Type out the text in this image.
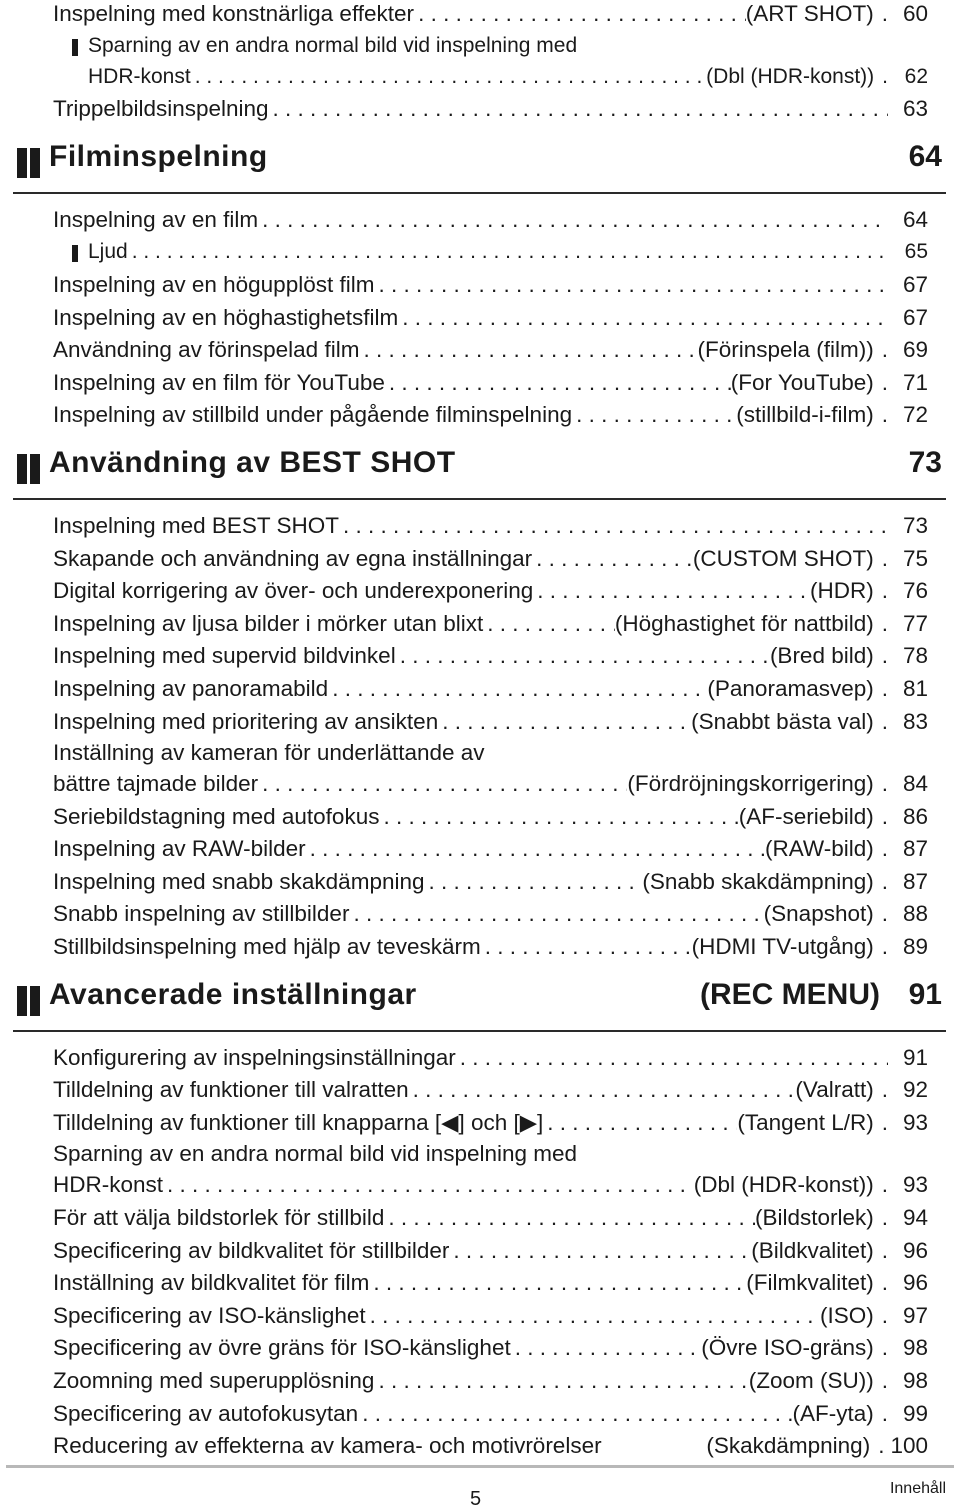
Inspelning med konstnärliga effekter . . .	(ART SHOT) . 60
Sparning av en andra normal bild vid inspelning med
HDR-konst . . .	(Dbl (HDR-konst)) . 62
Trippelbildsinspelning . . .	63
Filminspelning	64
Inspelning av en film . . .	64
Ljud . . .	65
Inspelning av en högupplöst film . . .	67
Inspelning av en höghastighetsfilm . . .	67
Användning av förinspelad film . . .	(Förinspela (film)) . 69
Inspelning av en film för YouTube . . .	(For YouTube) . 71
Inspelning av stillbild under pågående filminspelning . . .	(stillbild-i-film) . 72
Användning av BEST SHOT	73
Inspelning med BEST SHOT . . .	73
Skapande och användning av egna inställningar . . .	(CUSTOM SHOT) . 75
Digital korrigering av över- och underexponering . . .	(HDR) . 76
Inspelning av ljusa bilder i mörker utan blixt . . .	(Höghastighet för nattbild) . 77
Inspelning med supervid bildvinkel . . .	(Bred bild) . 78
Inspelning av panoramabild . . .	(Panoramasvep) . 81
Inspelning med prioritering av ansikten . . .	(Snabbt bästa val) . 83
Inställning av kameran för underlättande av
bättre tajmade bilder . . .	(Fördröjningskorrigering) . 84
Seriebildstagning med autofokus . . .	(AF-seriebild) . 86
Inspelning av RAW-bilder . . .	(RAW-bild) . 87
Inspelning med snabb skakdämpning . . .	(Snabb skakdämpning) . 87
Snabb inspelning av stillbilder . . .	(Snapshot) . 88
Stillbildsinspelning med hjälp av teveskärm . . .	(HDMI TV-utgång) . 89
Avancerade inställningar	(REC MENU) 91
Konfigurering av inspelningsinställningar . . .	91
Tilldelning av funktioner till valratten . . .	(Valratt) . 92
Tilldelning av funktioner till knapparna [◀] och [▶] . . .	(Tangent L/R) . 93
Sparning av en andra normal bild vid inspelning med
HDR-konst . . .	(Dbl (HDR-konst)) . 93
För att välja bildstorlek för stillbild . . .	(Bildstorlek) . 94
Specificering av bildkvalitet för stillbilder . . .	(Bildkvalitet) . 96
Inställning av bildkvalitet för film . . .	(Filmkvalitet) . 96
Specificering av ISO-känslighet . . .	(ISO) . 97
Specificering av övre gräns för ISO-känslighet . . .	(Övre ISO-gräns) . 98
Zoomning med superupplösning . . .	(Zoom (SU)) . 98
Specificering av autofokusytan . . .	(AF-yta) . 99
Reducering av effekterna av kamera- och motivrörelser	(Skakdämpning) . 100
5	Innehåll
